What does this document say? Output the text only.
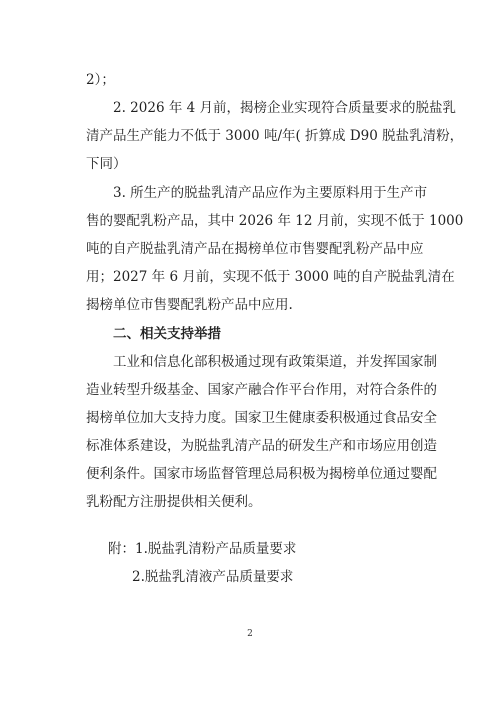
2）；
2. 2026 年 4 月前，揭榜企业实现符合质量要求的脱盐乳
清产品生产能力不低于 3000 吨/年( 折算成 D90 脱盐乳清粉，
下同）
3. 所生产的脱盐乳清产品应作为主要原料用于生产市
售的婴配乳粉产品，其中 2026 年 12 月前，实现不低于 1000
吨的自产脱盐乳清产品在揭榜单位市售婴配乳粉产品中应
用；2027 年 6 月前，实现不低于 3000 吨的自产脱盐乳清在
揭榜单位市售婴配乳粉产品中应用.
二、相关支持举措
工业和信息化部积极通过现有政策渠道，并发挥国家制
造业转型升级基金、国家产融合作平台作用，对符合条件的
揭榜单位加大支持力度。国家卫生健康委积极通过食品安全
标准体系建设，为脱盐乳清产品的研发生产和市场应用创造
便利条件。国家市场监督管理总局积极为揭榜单位通过婴配
乳粉配方注册提供相关便利。
附：1.脱盐乳清粉产品质量要求
2.脱盐乳清液产品质量要求
2
